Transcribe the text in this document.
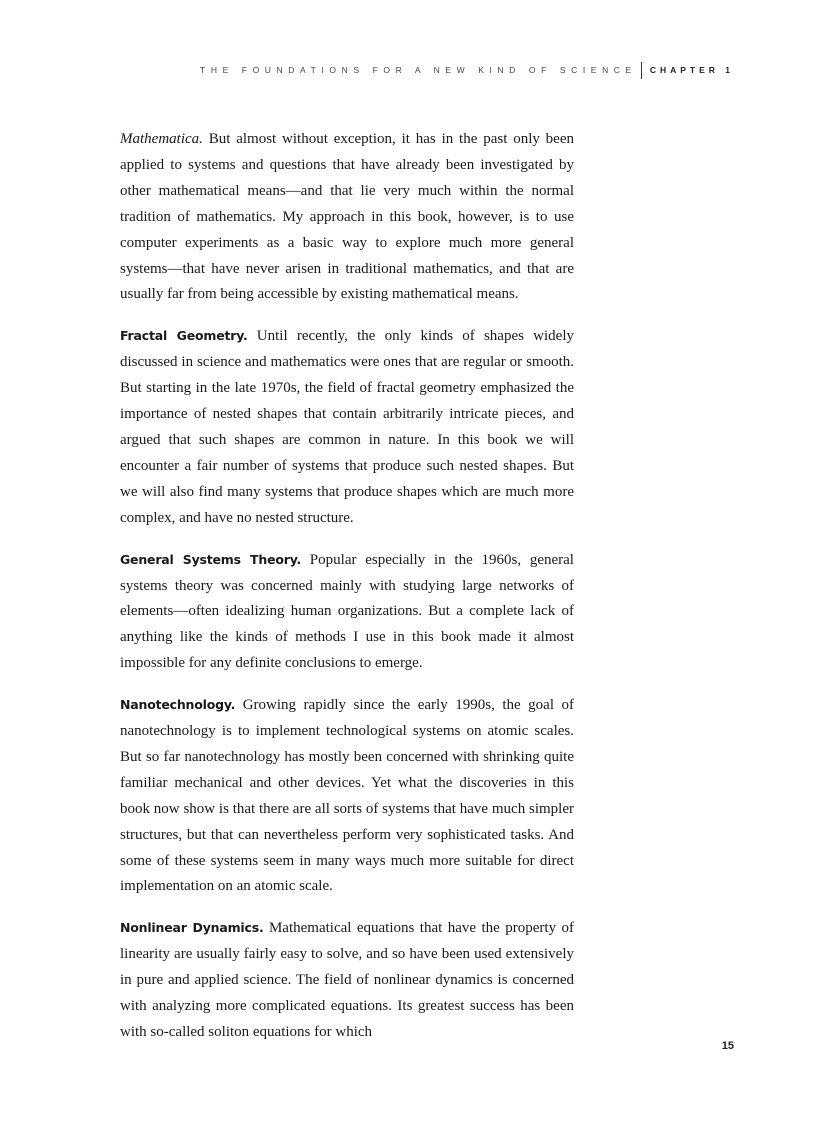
THE FOUNDATIONS FOR A NEW KIND OF SCIENCE CHAPTER 1

Mathematica. But almost without exception, it has in the past only been applied to systems and questions that have already been investigated by other mathematical means—and that lie very much within the normal tradition of mathematics. My approach in this book, however, is to use computer experiments as a basic way to explore much more general systems—that have never arisen in traditional mathematics, and that are usually far from being accessible by existing mathematical means.

Fractal Geometry. Until recently, the only kinds of shapes widely discussed in science and mathematics were ones that are regular or smooth. But starting in the late 1970s, the field of fractal geometry emphasized the importance of nested shapes that contain arbitrarily intricate pieces, and argued that such shapes are common in nature. In this book we will encounter a fair number of systems that produce such nested shapes. But we will also find many systems that produce shapes which are much more complex, and have no nested structure.

General Systems Theory. Popular especially in the 1960s, general systems theory was concerned mainly with studying large networks of elements—often idealizing human organizations. But a complete lack of anything like the kinds of methods I use in this book made it almost impossible for any definite conclusions to emerge.

Nanotechnology. Growing rapidly since the early 1990s, the goal of nanotechnology is to implement technological systems on atomic scales. But so far nanotechnology has mostly been concerned with shrinking quite familiar mechanical and other devices. Yet what the discoveries in this book now show is that there are all sorts of systems that have much simpler structures, but that can nevertheless perform very sophisticated tasks. And some of these systems seem in many ways much more suitable for direct implementation on an atomic scale.

Nonlinear Dynamics. Mathematical equations that have the property of linearity are usually fairly easy to solve, and so have been used extensively in pure and applied science. The field of nonlinear dynamics is concerned with analyzing more complicated equations. Its greatest success has been with so-called soliton equations for which

15
